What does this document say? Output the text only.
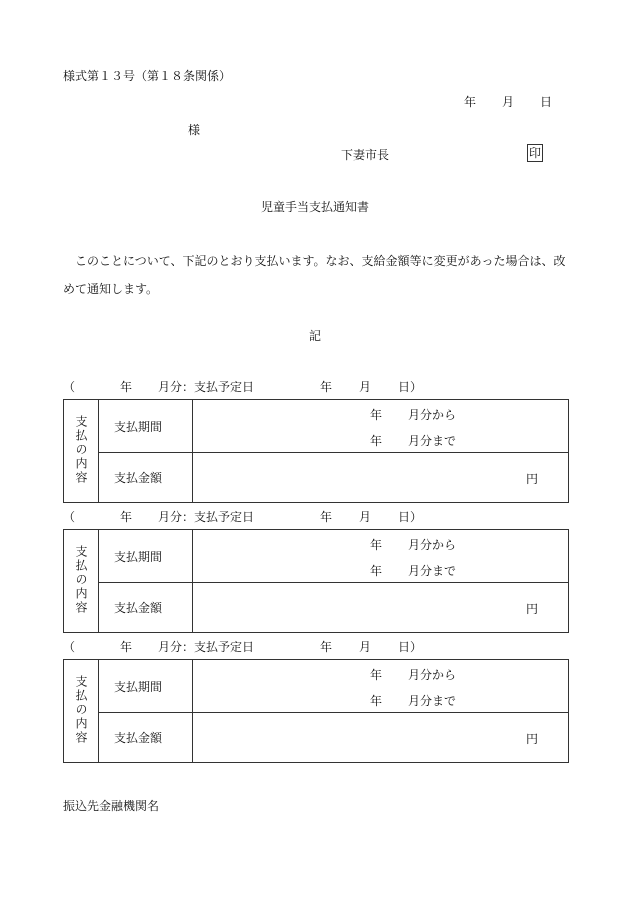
様式第１３号（第１８条関係）
年 月 日
様
下妻市長	印
児童手当支払通知書
　このことについて、下記のとおり支払います。なお、支給金額等に変更があった場合は、改めて通知します。
記
（	年 月分：支払予定日	年 月 日）
支払の内容	支払期間	年 月分から
年 月分まで

	支払金額	円
（	年 月分：支払予定日	年 月 日）
支払の内容	支払期間	年 月分から
年 月分まで

	支払金額	円
（	年 月分：支払予定日	年 月 日）
支払の内容	支払期間	年 月分から
年 月分まで

	支払金額	円
振込先金融機関名
